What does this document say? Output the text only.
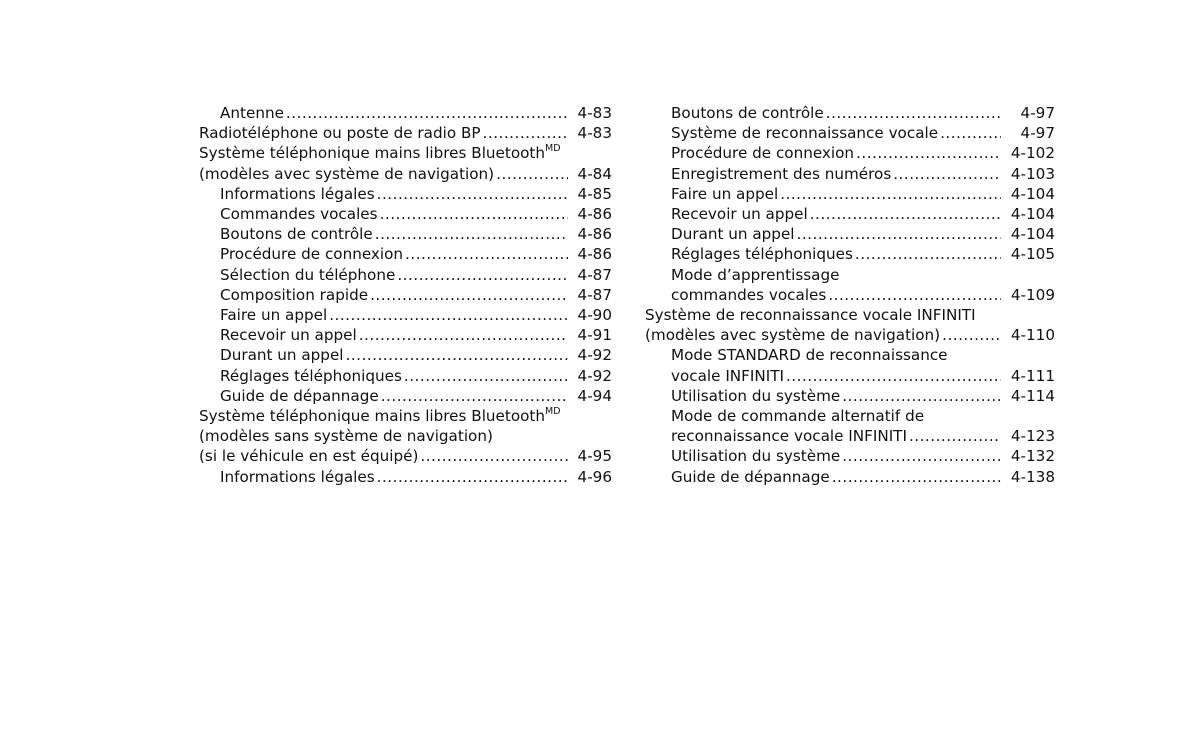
Antenne .....	4-83
Radiotéléphone ou poste de radio BP .....	4-83
Système téléphonique mains libres Bluetooth$^{MD}$
(modèles avec système de navigation) .....	4-84
Informations légales .....	4-85
Commandes vocales .....	4-86
Boutons de contrôle .....	4-86
Procédure de connexion .....	4-86
Sélection du téléphone .....	4-87
Composition rapide .....	4-87
Faire un appel .....	4-90
Recevoir un appel .....	4-91
Durant un appel .....	4-92
Réglages téléphoniques .....	4-92
Guide de dépannage .....	4-94
Système téléphonique mains libres Bluetooth$^{MD}$
(modèles sans système de navigation)
(si le véhicule en est équipé) .....	4-95
Informations légales .....	4-96
Boutons de contrôle .....	4-97
Système de reconnaissance vocale .....	4-97
Procédure de connexion .....	4-102
Enregistrement des numéros .....	4-103
Faire un appel .....	4-104
Recevoir un appel .....	4-104
Durant un appel .....	4-104
Réglages téléphoniques .....	4-105
Mode d’apprentissage
commandes vocales .....	4-109
Système de reconnaissance vocale INFINITI
(modèles avec système de navigation) .....	4-110
Mode STANDARD de reconnaissance
vocale INFINITI .....	4-111
Utilisation du système .....	4-114
Mode de commande alternatif de
reconnaissance vocale INFINITI .....	4-123
Utilisation du système .....	4-132
Guide de dépannage .....	4-138
